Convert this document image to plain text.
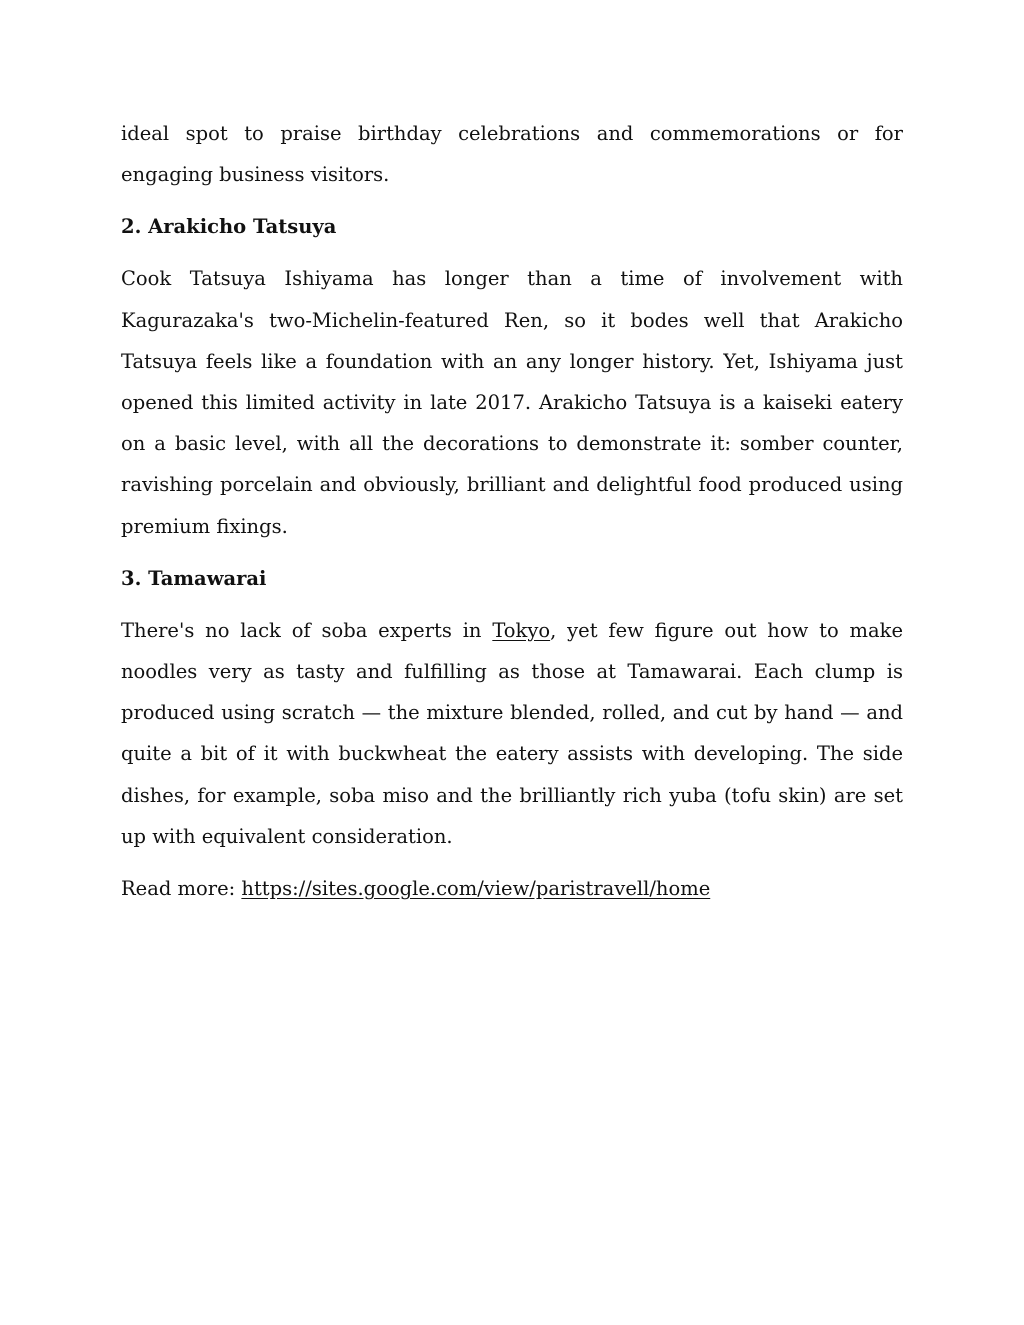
ideal spot to praise birthday celebrations and commemorations or for engaging business visitors.

2. Arakicho Tatsuya

Cook Tatsuya Ishiyama has longer than a time of involvement with Kagurazaka's two-Michelin-featured Ren, so it bodes well that Arakicho Tatsuya feels like a foundation with an any longer history. Yet, Ishiyama just opened this limited activity in late 2017. Arakicho Tatsuya is a kaiseki eatery on a basic level, with all the decorations to demonstrate it: somber counter, ravishing porcelain and obviously, brilliant and delightful food produced using premium fixings.

3. Tamawarai

There's no lack of soba experts in Tokyo, yet few figure out how to make noodles very as tasty and fulfilling as those at Tamawarai. Each clump is produced using scratch — the mixture blended, rolled, and cut by hand — and quite a bit of it with buckwheat the eatery assists with developing. The side dishes, for example, soba miso and the brilliantly rich yuba (tofu skin) are set up with equivalent consideration.

Read more: https://sites.google.com/view/paristravell/home
